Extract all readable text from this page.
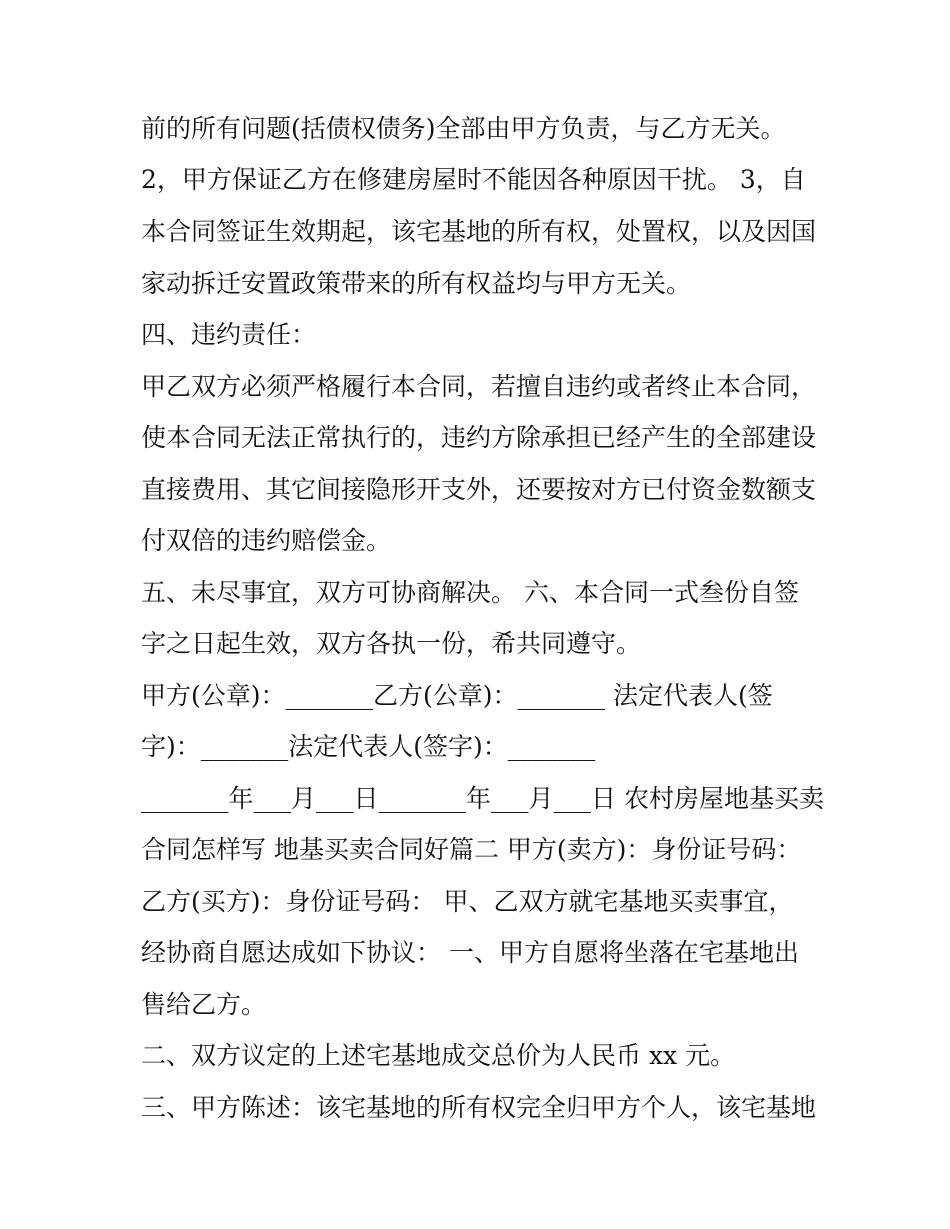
前的所有问题(括债权债务)全部由甲方负责，与乙方无关。
2，甲方保证乙方在修建房屋时不能因各种原因干扰。 3，自
本合同签证生效期起，该宅基地的所有权，处置权，以及因国
家动拆迁安置政策带来的所有权益均与甲方无关。
四、违约责任：
甲乙双方必须严格履行本合同，若擅自违约或者终止本合同，
使本合同无法正常执行的，违约方除承担已经产生的全部建设
直接费用、其它间接隐形开支外，还要按对方已付资金数额支
付双倍的违约赔偿金。
五、未尽事宜，双方可协商解决。 六、本合同一式叁份自签
字之日起生效，双方各执一份，希共同遵守。
甲方(公章)：_______乙方(公章)：_______ 法定代表人(签
字)：_______法定代表人(签字)：_______
_______年___月___日_______年___月___日 农村房屋地基买卖
合同怎样写 地基买卖合同好篇二 甲方(卖方)：身份证号码：
乙方(买方)：身份证号码： 甲、乙双方就宅基地买卖事宜，
经协商自愿达成如下协议： 一、甲方自愿将坐落在宅基地出
售给乙方。
二、双方议定的上述宅基地成交总价为人民币 xx 元。
三、甲方陈述：该宅基地的所有权完全归甲方个人，该宅基地
